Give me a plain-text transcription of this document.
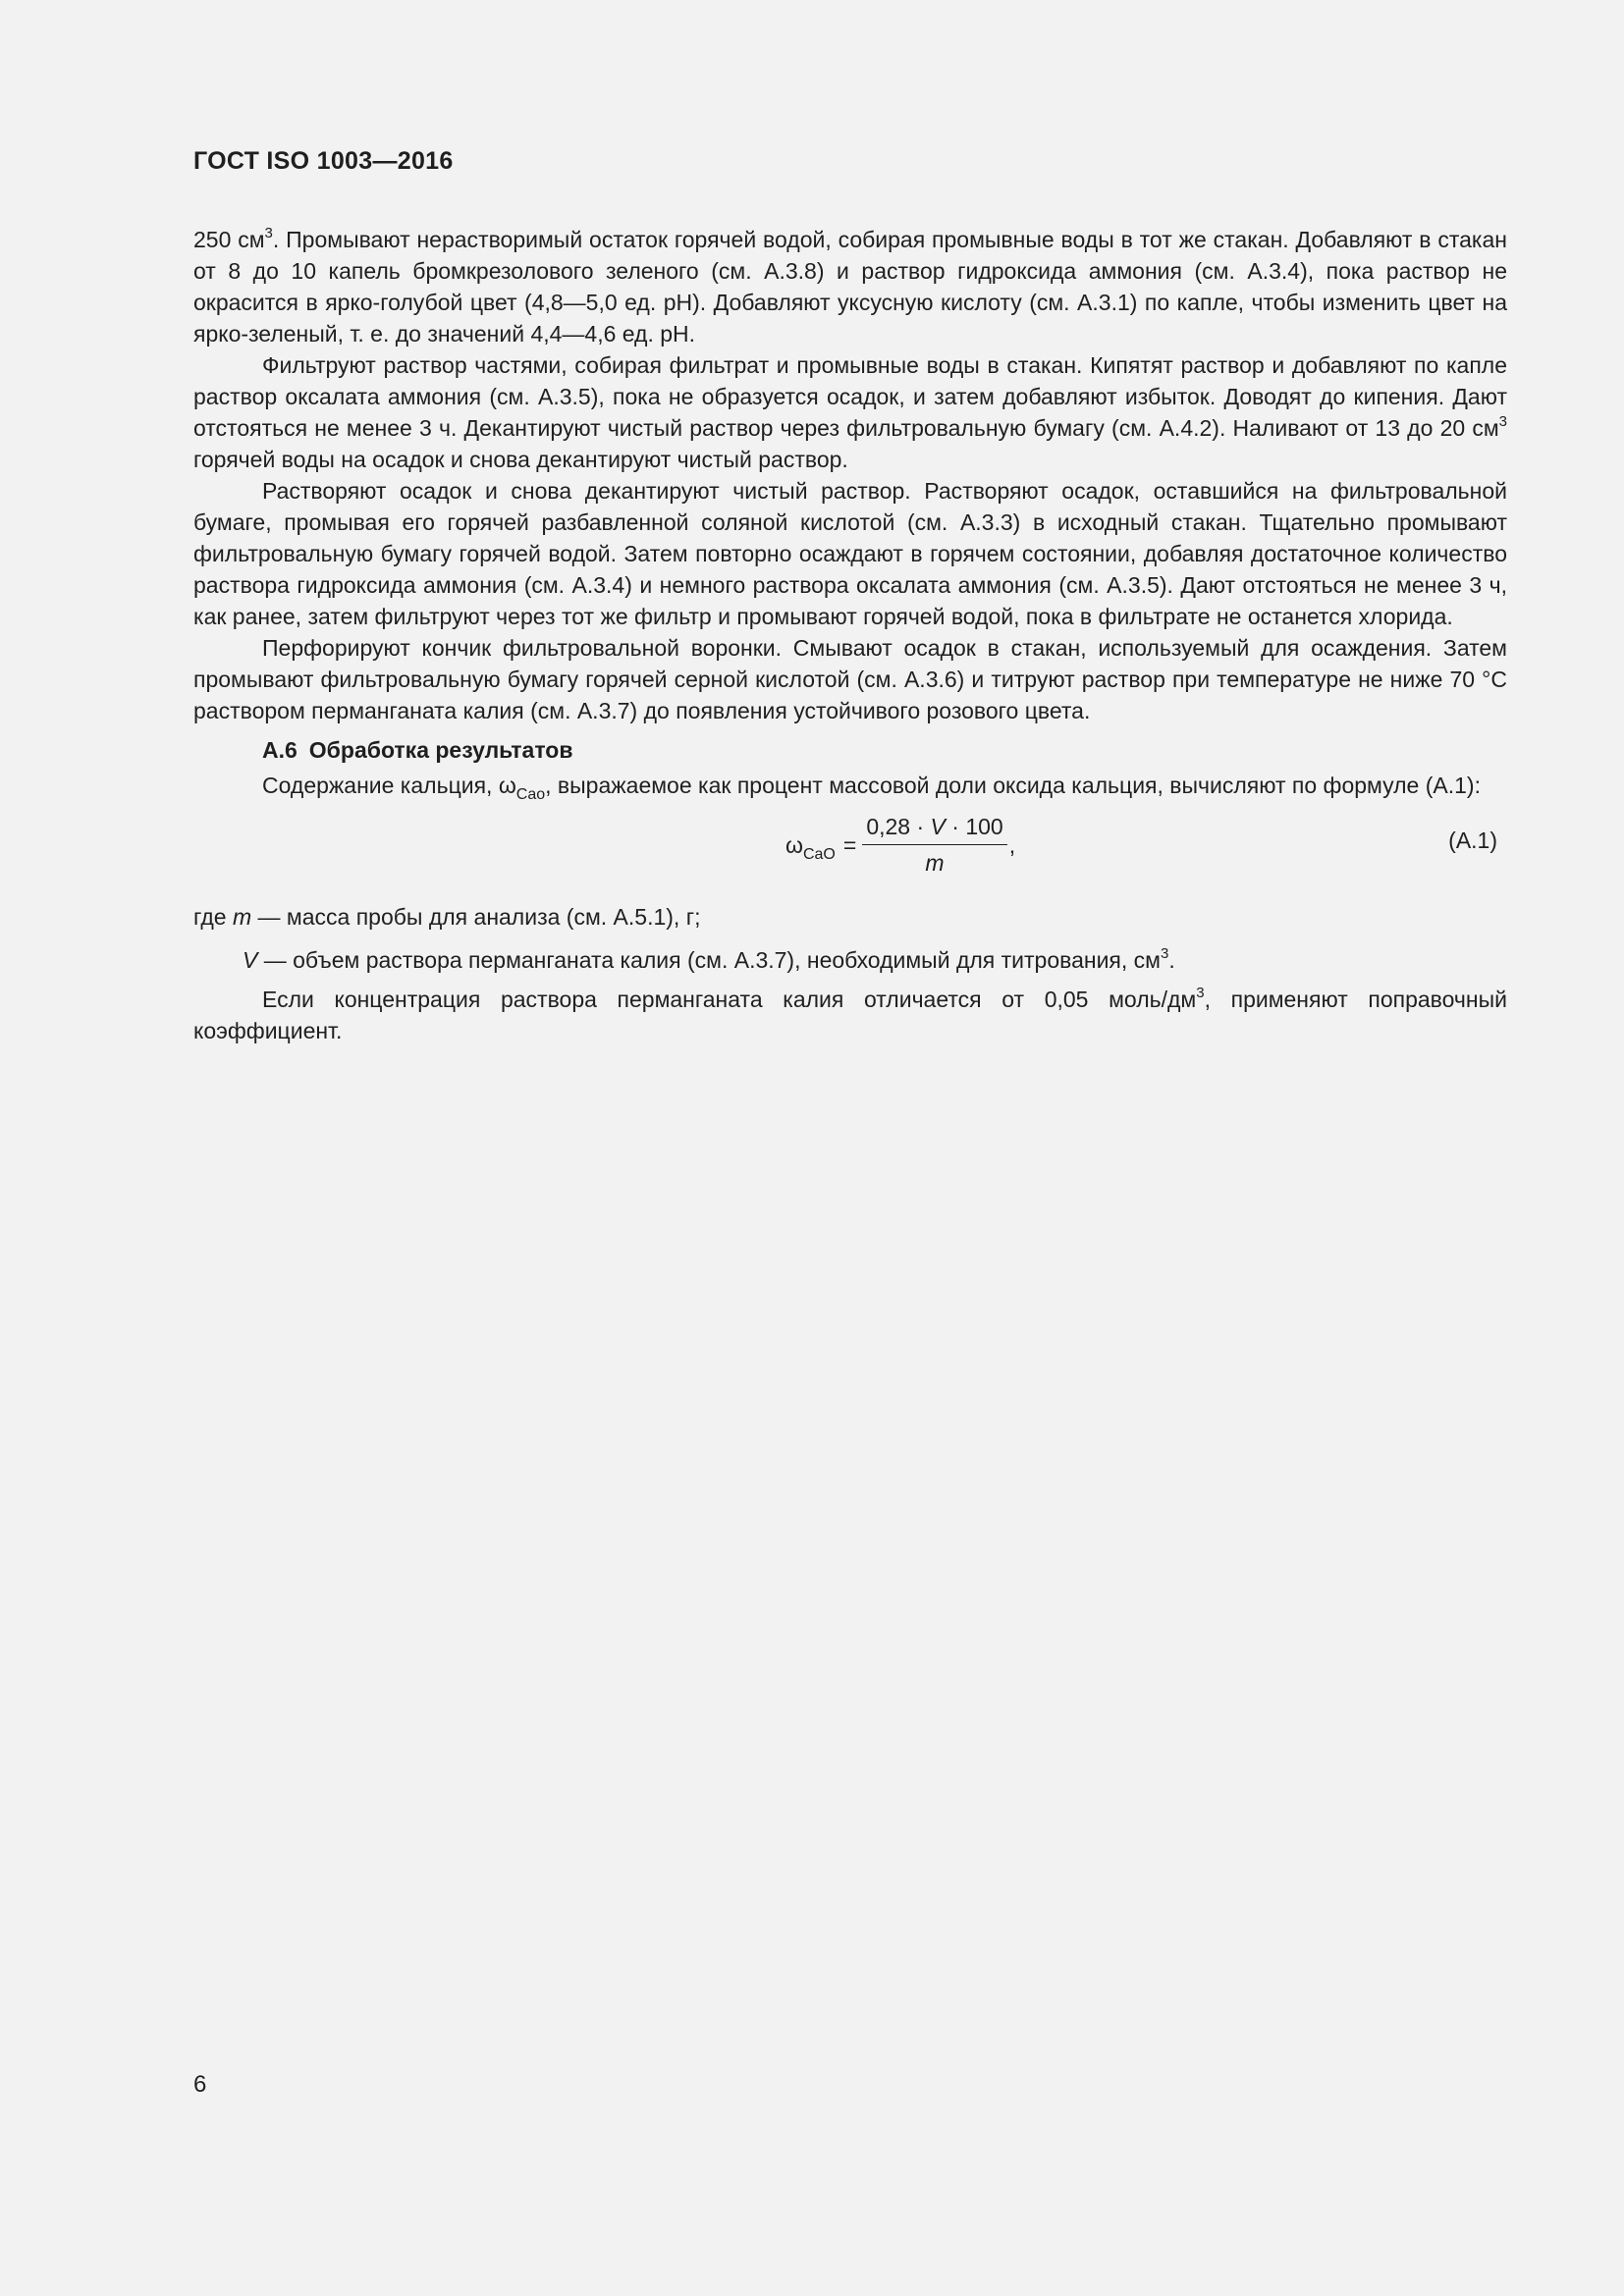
ГОСТ ISO 1003—2016

250 $см^3$. Промывают нерастворимый остаток горячей водой, собирая промывные воды в тот же стакан. Добавляют в стакан от 8 до 10 капель бромкрезолового зеленого (см. А.3.8) и раствор гидроксида аммония (см. А.3.4), пока раствор не окрасится в ярко-голубой цвет (4,8—5,0 ед. рН). Добавляют уксусную кислоту (см. А.3.1) по капле, чтобы изменить цвет на ярко-зеленый, т. е. до значений 4,4—4,6 ед. рН.

Фильтруют раствор частями, собирая фильтрат и промывные воды в стакан. Кипятят раствор и добавляют по капле раствор оксалата аммония (см. А.3.5), пока не образуется осадок, и затем добавляют избыток. Доводят до кипения. Дают отстояться не менее 3 ч. Декантируют чистый раствор через фильтровальную бумагу (см. А.4.2). Наливают от 13 до 20 $см^3$ горячей воды на осадок и снова декантируют чистый раствор.

Растворяют осадок и снова декантируют чистый раствор. Растворяют осадок, оставшийся на фильтровальной бумаге, промывая его горячей разбавленной соляной кислотой (см. А.3.3) в исходный стакан. Тщательно промывают фильтровальную бумагу горячей водой. Затем повторно осаждают в горячем состоянии, добавляя достаточное количество раствора гидроксида аммония (см. А.3.4) и немного раствора оксалата аммония (см. А.3.5). Дают отстояться не менее 3 ч, как ранее, затем фильтруют через тот же фильтр и промывают горячей водой, пока в фильтрате не останется хлорида.

Перфорируют кончик фильтровальной воронки. Смывают осадок в стакан, используемый для осаждения. Затем промывают фильтровальную бумагу горячей серной кислотой (см. А.3.6) и титруют раствор при температуре не ниже 70 °С раствором перманганата калия (см. А.3.7) до появления устойчивого розового цвета.

А.6 Обработка результатов

Содержание кальция, $\omega_{Cao}$, выражаемое как процент массовой доли оксида кальция, вычисляют по формуле (А.1):

$\omega_{CaO} = \frac{0,28 \cdot V \cdot 100}{m}$ ,	(А.1)

где m — масса пробы для анализа (см. А.5.1), г;

V — объем раствора перманганата калия (см. А.3.7), необходимый для титрования, $см^3$.

Если концентрация раствора перманганата калия отличается от 0,05 моль/$дм^3$, применяют поправочный коэффициент.

6
